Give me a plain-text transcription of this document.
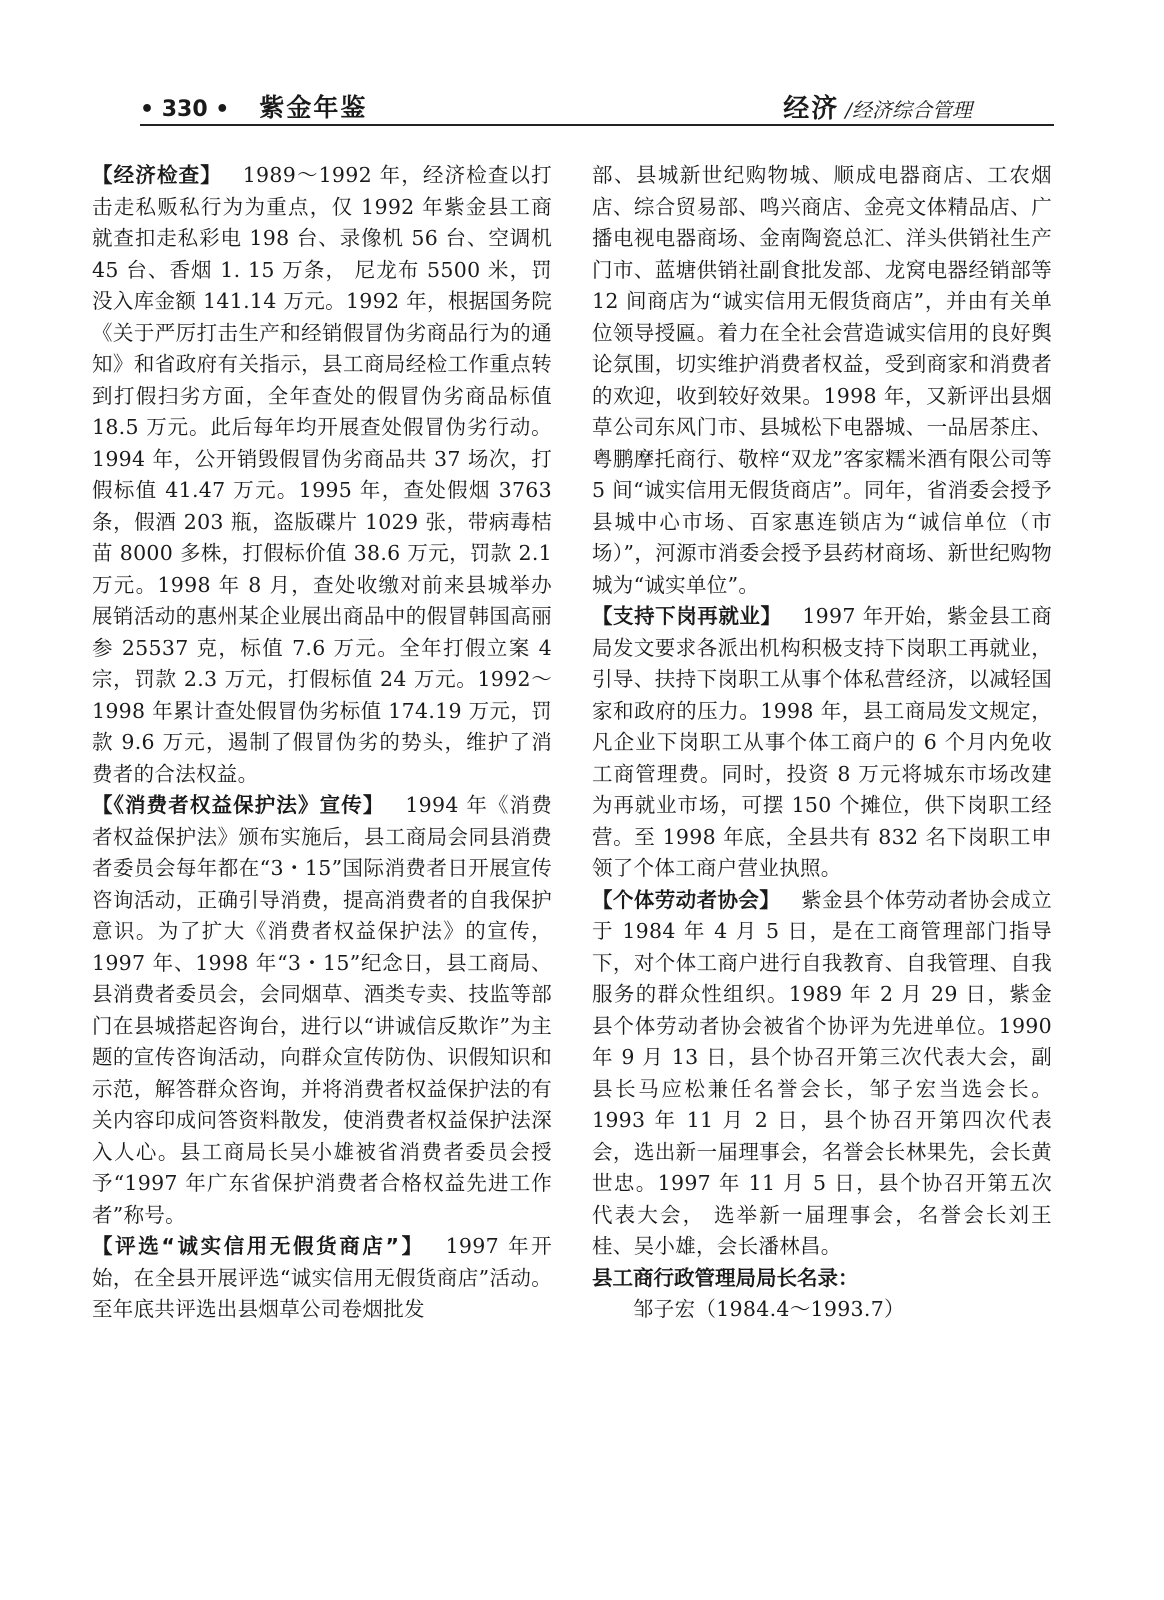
• 330 • 紫金年鉴	经济 /经济综合管理

【经济检查】  1989～1992 年，经济检查以打击走私贩私行为为重点，仅 1992 年紫金县工商就查扣走私彩电 198 台、录像机 56 台、空调机 45 台、香烟 1. 15 万条， 尼龙布 5500 米，罚没入库金额 141.14 万元。1992 年，根据国务院《关于严厉打击生产和经销假冒伪劣商品行为的通知》和省政府有关指示，县工商局经检工作重点转到打假扫劣方面，全年查处的假冒伪劣商品标值 18.5 万元。此后每年均开展查处假冒伪劣行动。1994 年，公开销毁假冒伪劣商品共 37 场次，打假标值 41.47 万元。1995 年，查处假烟 3763 条，假酒 203 瓶，盗版碟片 1029 张，带病毒桔苗 8000 多株，打假标价值 38.6 万元，罚款 2.1 万元。1998 年 8 月，查处收缴对前来县城举办展销活动的惠州某企业展出商品中的假冒韩国高丽参 25537 克，标值 7.6 万元。全年打假立案 4 宗，罚款 2.3 万元，打假标值 24 万元。1992～1998 年累计查处假冒伪劣标值 174.19 万元，罚款 9.6 万元，遏制了假冒伪劣的势头，维护了消费者的合法权益。

【《消费者权益保护法》宣传】  1994 年《消费者权益保护法》颁布实施后，县工商局会同县消费者委员会每年都在“3・15”国际消费者日开展宣传咨询活动，正确引导消费，提高消费者的自我保护意识。为了扩大《消费者权益保护法》的宣传， 1997 年、1998 年“3・15”纪念日，县工商局、县消费者委员会，会同烟草、酒类专卖、技监等部门在县城搭起咨询台，进行以“讲诚信反欺诈”为主题的宣传咨询活动，向群众宣传防伪、识假知识和示范，解答群众咨询，并将消费者权益保护法的有关内容印成问答资料散发，使消费者权益保护法深入人心。县工商局长吴小雄被省消费者委员会授予“1997 年广东省保护消费者合格权益先进工作者”称号。

【评选“诚实信用无假货商店”】  1997 年开始，在全县开展评选“诚实信用无假货商店”活动。至年底共评选出县烟草公司卷烟批发

部、县城新世纪购物城、顺成电器商店、工农烟店、综合贸易部、鸣兴商店、金亮文体精品店、广播电视电器商场、金南陶瓷总汇、洋头供销社生产门市、蓝塘供销社副食批发部、龙窝电器经销部等 12 间商店为“诚实信用无假货商店”，并由有关单位领导授匾。着力在全社会营造诚实信用的良好舆论氛围，切实维护消费者权益，受到商家和消费者的欢迎，收到较好效果。1998 年，又新评出县烟草公司东风门市、县城松下电器城、一品居茶庄、粤鹏摩托商行、敬梓“双龙”客家糯米酒有限公司等 5 间“诚实信用无假货商店”。同年，省消委会授予县城中心市场、百家惠连锁店为“诚信单位（市场）”，河源市消委会授予县药材商场、新世纪购物城为“诚实单位”。

【支持下岗再就业】  1997 年开始，紫金县工商局发文要求各派出机构积极支持下岗职工再就业，引导、扶持下岗职工从事个体私营经济，以减轻国家和政府的压力。1998 年，县工商局发文规定，凡企业下岗职工从事个体工商户的 6 个月内免收工商管理费。同时，投资 8 万元将城东市场改建为再就业市场，可摆 150 个摊位，供下岗职工经营。至 1998 年底，全县共有 832 名下岗职工申领了个体工商户营业执照。

【个体劳动者协会】  紫金县个体劳动者协会成立于 1984 年 4 月 5 日，是在工商管理部门指导下，对个体工商户进行自我教育、自我管理、自我服务的群众性组织。1989 年 2 月 29 日，紫金县个体劳动者协会被省个协评为先进单位。1990 年 9 月 13 日，县个协召开第三次代表大会，副县长马应松兼任名誉会长，邹子宏当选会长。1993 年 11 月 2 日，县个协召开第四次代表会，选出新一届理事会，名誉会长林果先，会长黄世忠。1997 年 11 月 5 日，县个协召开第五次代表大会， 选举新一届理事会，名誉会长刘王桂、吴小雄，会长潘林昌。

县工商行政管理局局长名录：

邹子宏（1984.4～1993.7）
